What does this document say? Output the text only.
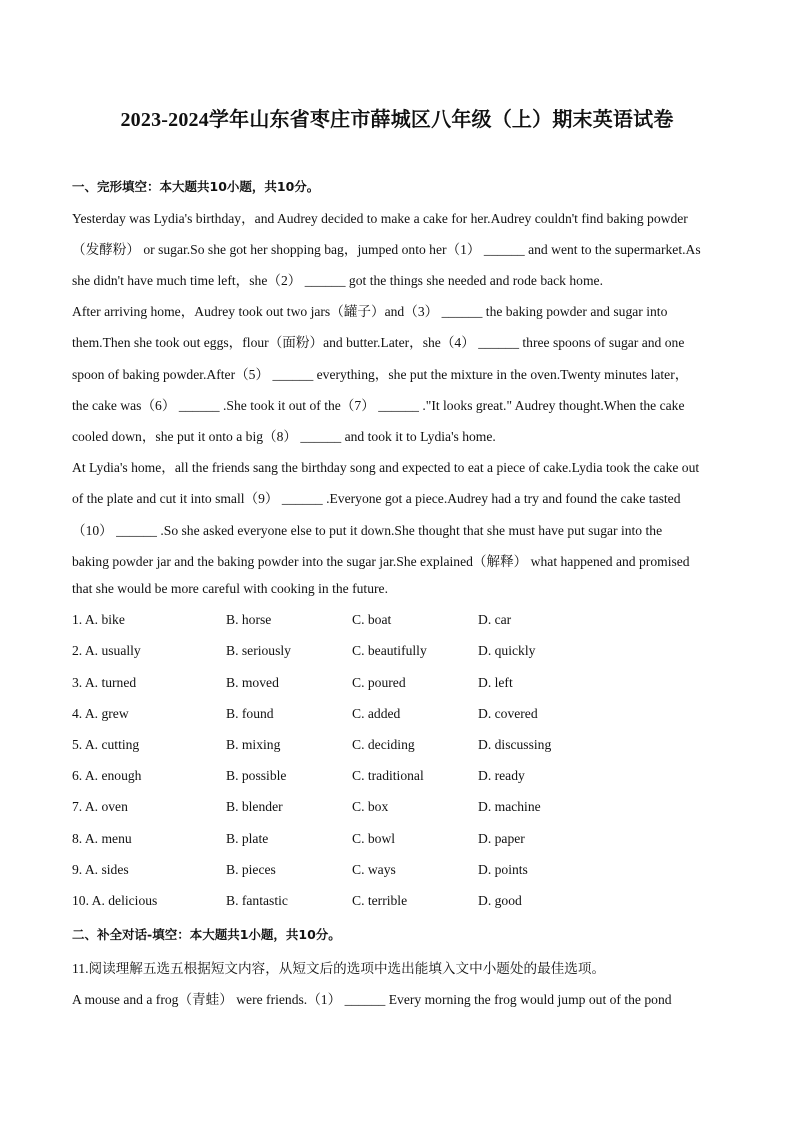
2023-2024学年山东省枣庄市薛城区八年级（上）期末英语试卷
一、完形填空：本大题共10小题，共10分。
Yesterday was Lydia's birthday，and Audrey decided to make a cake for her.Audrey couldn't find baking powder
（发酵粉） or sugar.So she got her shopping bag，jumped onto her（1） ______ and went to the supermarket.As
she didn't have much time left，she（2） ______ got the things she needed and rode back home.
After arriving home，Audrey took out two jars（罐子）and（3） ______ the baking powder and sugar into
them.Then she took out eggs，flour（面粉）and butter.Later，she（4） ______ three spoons of sugar and one
spoon of baking powder.After（5） ______ everything，she put the mixture in the oven.Twenty minutes later，
the cake was（6） ______ .She took it out of the（7） ______ ."It looks great." Audrey thought.When the cake
cooled down，she put it onto a big（8） ______ and took it to Lydia's home.
At Lydia's home，all the friends sang the birthday song and expected to eat a piece of cake.Lydia took the cake out
of the plate and cut it into small（9） ______ .Everyone got a piece.Audrey had a try and found the cake tasted
（10） ______ .So she asked everyone else to put it down.She thought that she must have put sugar into the
baking powder jar and the baking powder into the sugar jar.She explained（解释） what happened and promised
that she would be more careful with cooking in the future.
1. A. bike	B. horse	C. boat	D. car
2. A. usually	B. seriously	C. beautifully	D. quickly
3. A. turned	B. moved	C. poured	D. left
4. A. grew	B. found	C. added	D. covered
5. A. cutting	B. mixing	C. deciding	D. discussing
6. A. enough	B. possible	C. traditional	D. ready
7. A. oven	B. blender	C. box	D. machine
8. A. menu	B. plate	C. bowl	D. paper
9. A. sides	B. pieces	C. ways	D. points
10. A. delicious	B. fantastic	C. terrible	D. good
二、补全对话-填空：本大题共1小题，共10分。
11.阅读理解五选五根据短文内容，从短文后的选项中选出能填入文中小题处的最佳选项。
A mouse and a frog（青蛙） were friends.（1） ______ Every morning the frog would jump out of the pond
